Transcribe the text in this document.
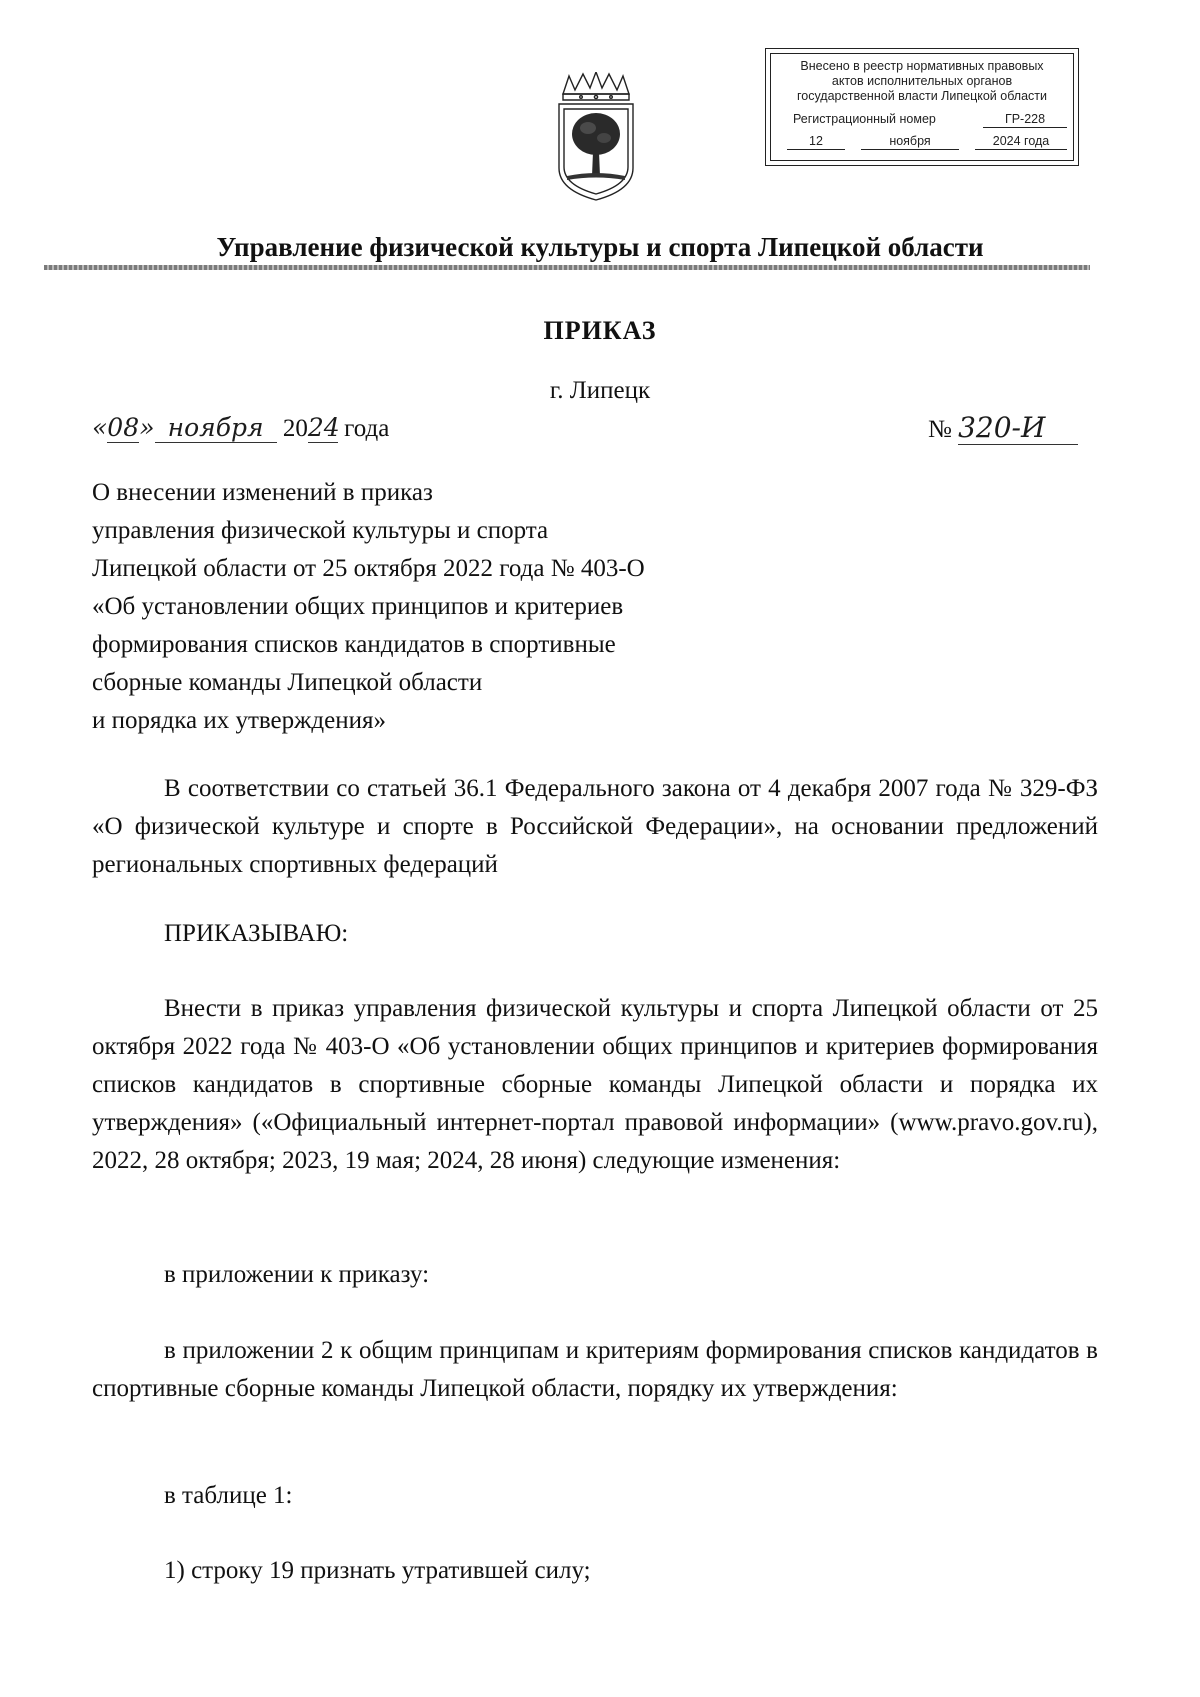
Внесено в реестр нормативных правовых
актов исполнительных органов
государственной власти Липецкой области
Регистрационный номер	ГР-228
12	ноября	2024 года
Управление физической культуры и спорта Липецкой области
ПРИКАЗ
г. Липецк
«08» ноября 2024 года	№ 320-И
О внесении изменений в приказ
управления физической культуры и спорта
Липецкой области от 25 октября 2022 года № 403-О
«Об установлении общих принципов и критериев
формирования списков кандидатов в спортивные
сборные команды Липецкой области
и порядка их утверждения»
В соответствии со статьей 36.1 Федерального закона от 4 декабря 2007 года № 329-ФЗ «О физической культуре и спорте в Российской Федерации», на основании предложений региональных спортивных федераций
ПРИКАЗЫВАЮ:
Внести в приказ управления физической культуры и спорта Липецкой области от 25 октября 2022 года № 403-О «Об установлении общих принципов и критериев формирования списков кандидатов в спортивные сборные команды Липецкой области и порядка их утверждения» («Официальный интернет-портал правовой информации» (www.pravo.gov.ru), 2022, 28 октября; 2023, 19 мая; 2024, 28 июня) следующие изменения:
в приложении к приказу:
в приложении 2 к общим принципам и критериям формирования списков кандидатов в спортивные сборные команды Липецкой области, порядку их утверждения:
в таблице 1:
1) строку 19 признать утратившей силу;
